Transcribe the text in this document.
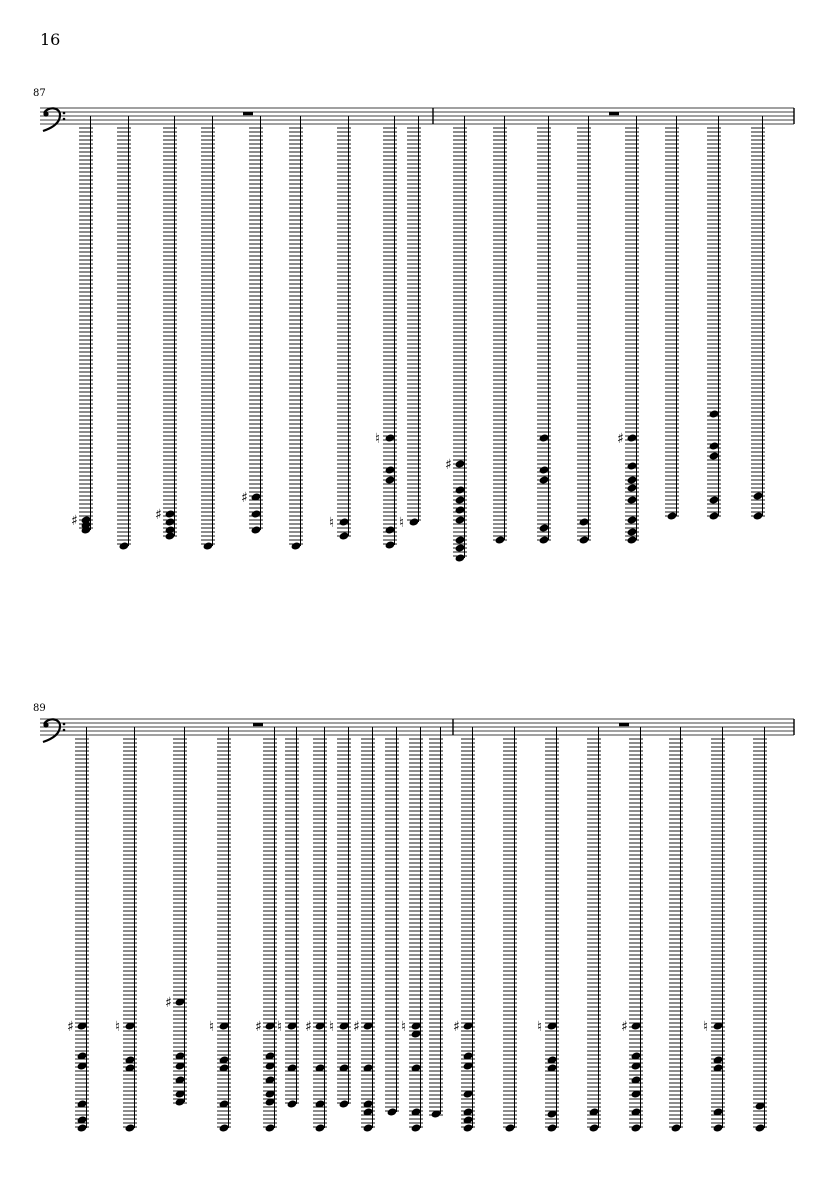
16
87
89
♯	♯
♯
♮
♮
♮
♯
♯
♯	♮
♯
♮	♯ ♮ ♯ ♮ ♯	♮	♯	♮	♯	♮
